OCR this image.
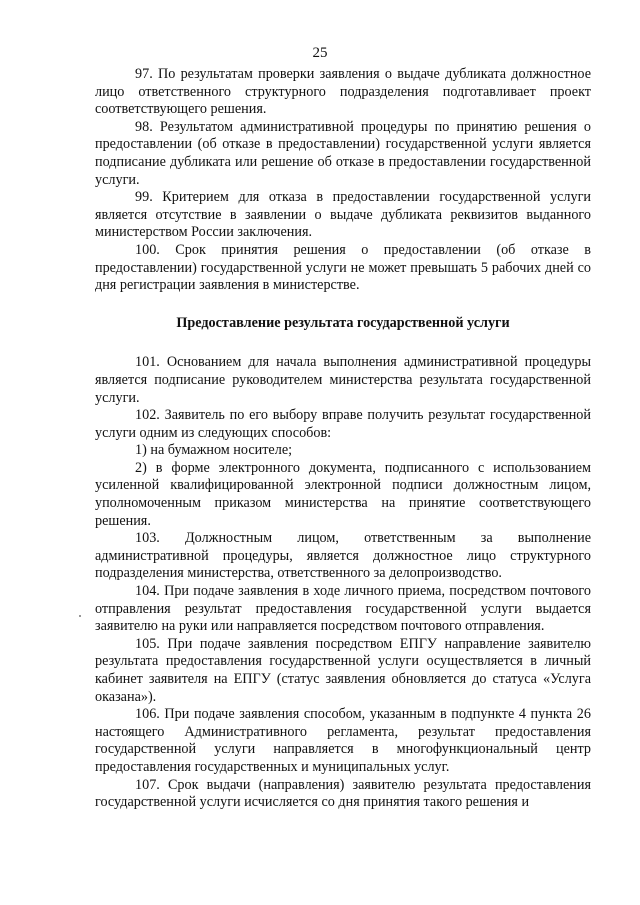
25

97. По результатам проверки заявления о выдаче дубликата должностное лицо ответственного структурного подразделения подготавливает проект соответствующего решения.

98. Результатом административной процедуры по принятию решения о предоставлении (об отказе в предоставлении) государственной услуги является подписание дубликата или решение об отказе в предоставлении государственной услуги.

99. Критерием для отказа в предоставлении государственной услуги является отсутствие в заявлении о выдаче дубликата реквизитов выданного министерством России заключения.

100. Срок принятия решения о предоставлении (об отказе в предоставлении) государственной услуги не может превышать 5 рабочих дней со дня регистрации заявления в министерстве.

Предоставление результата государственной услуги

101. Основанием для начала выполнения административной процедуры является подписание руководителем министерства результата государственной услуги.

102. Заявитель по его выбору вправе получить результат государственной услуги одним из следующих способов:

1) на бумажном носителе;

2) в форме электронного документа, подписанного с использованием усиленной квалифицированной электронной подписи должностным лицом, уполномоченным приказом министерства на принятие соответствующего решения.

103. Должностным лицом, ответственным за выполнение административной процедуры, является должностное лицо структурного подразделения министерства, ответственного за делопроизводство.

104. При подаче заявления в ходе личного приема, посредством почтового отправления результат предоставления государственной услуги выдается заявителю на руки или направляется посредством почтового отправления.

105. При подаче заявления посредством ЕПГУ направление заявителю результата предоставления государственной услуги осуществляется в личный кабинет заявителя на ЕПГУ (статус заявления обновляется до статуса «Услуга оказана»).

106. При подаче заявления способом, указанным в подпункте 4 пункта 26 настоящего Административного регламента, результат предоставления государственной услуги направляется в многофункциональный центр предоставления государственных и муниципальных услуг.

107. Срок выдачи (направления) заявителю результата предоставления государственной услуги исчисляется со дня принятия такого решения и
